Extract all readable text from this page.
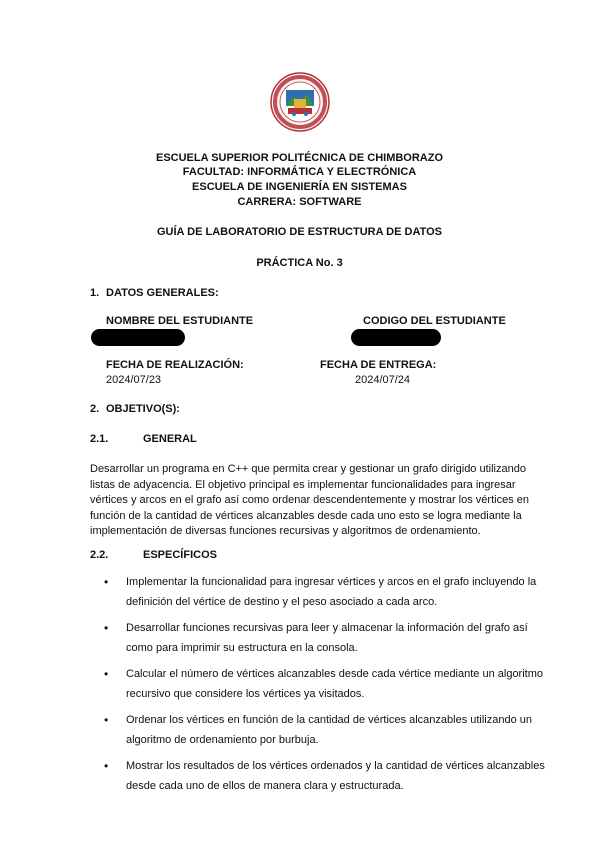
ESCUELA SUPERIOR POLITÉCNICA DE CHIMBORAZO
FACULTAD: INFORMÁTICA Y ELECTRÓNICA
ESCUELA DE INGENIERÍA EN SISTEMAS
CARRERA: SOFTWARE
GUÍA DE LABORATORIO DE ESTRUCTURA DE DATOS
PRÁCTICA No. 3
1. DATOS GENERALES:
NOMBRE DEL ESTUDIANTE	CODIGO DEL ESTUDIANTE
FECHA DE REALIZACIÓN:
2024/07/23
FECHA DE ENTREGA:
2024/07/24
2. OBJETIVO(S):
2.1.	GENERAL
Desarrollar un programa en C++ que permita crear y gestionar un grafo dirigido utilizando listas de adyacencia. El objetivo principal es implementar funcionalidades para ingresar vértices y arcos en el grafo así como ordenar descendentemente y mostrar los vértices en función de la cantidad de vértices alcanzables desde cada uno esto se logra mediante la implementación de diversas funciones recursivas y algoritmos de ordenamiento.
2.2.	ESPECÍFICOS
• Implementar la funcionalidad para ingresar vértices y arcos en el grafo incluyendo la definición del vértice de destino y el peso asociado a cada arco.
• Desarrollar funciones recursivas para leer y almacenar la información del grafo así como para imprimir su estructura en la consola.
• Calcular el número de vértices alcanzables desde cada vértice mediante un algoritmo recursivo que considere los vértices ya visitados.
• Ordenar los vértices en función de la cantidad de vértices alcanzables utilizando un algoritmo de ordenamiento por burbuja.
• Mostrar los resultados de los vértices ordenados y la cantidad de vértices alcanzables desde cada uno de ellos de manera clara y estructurada.
